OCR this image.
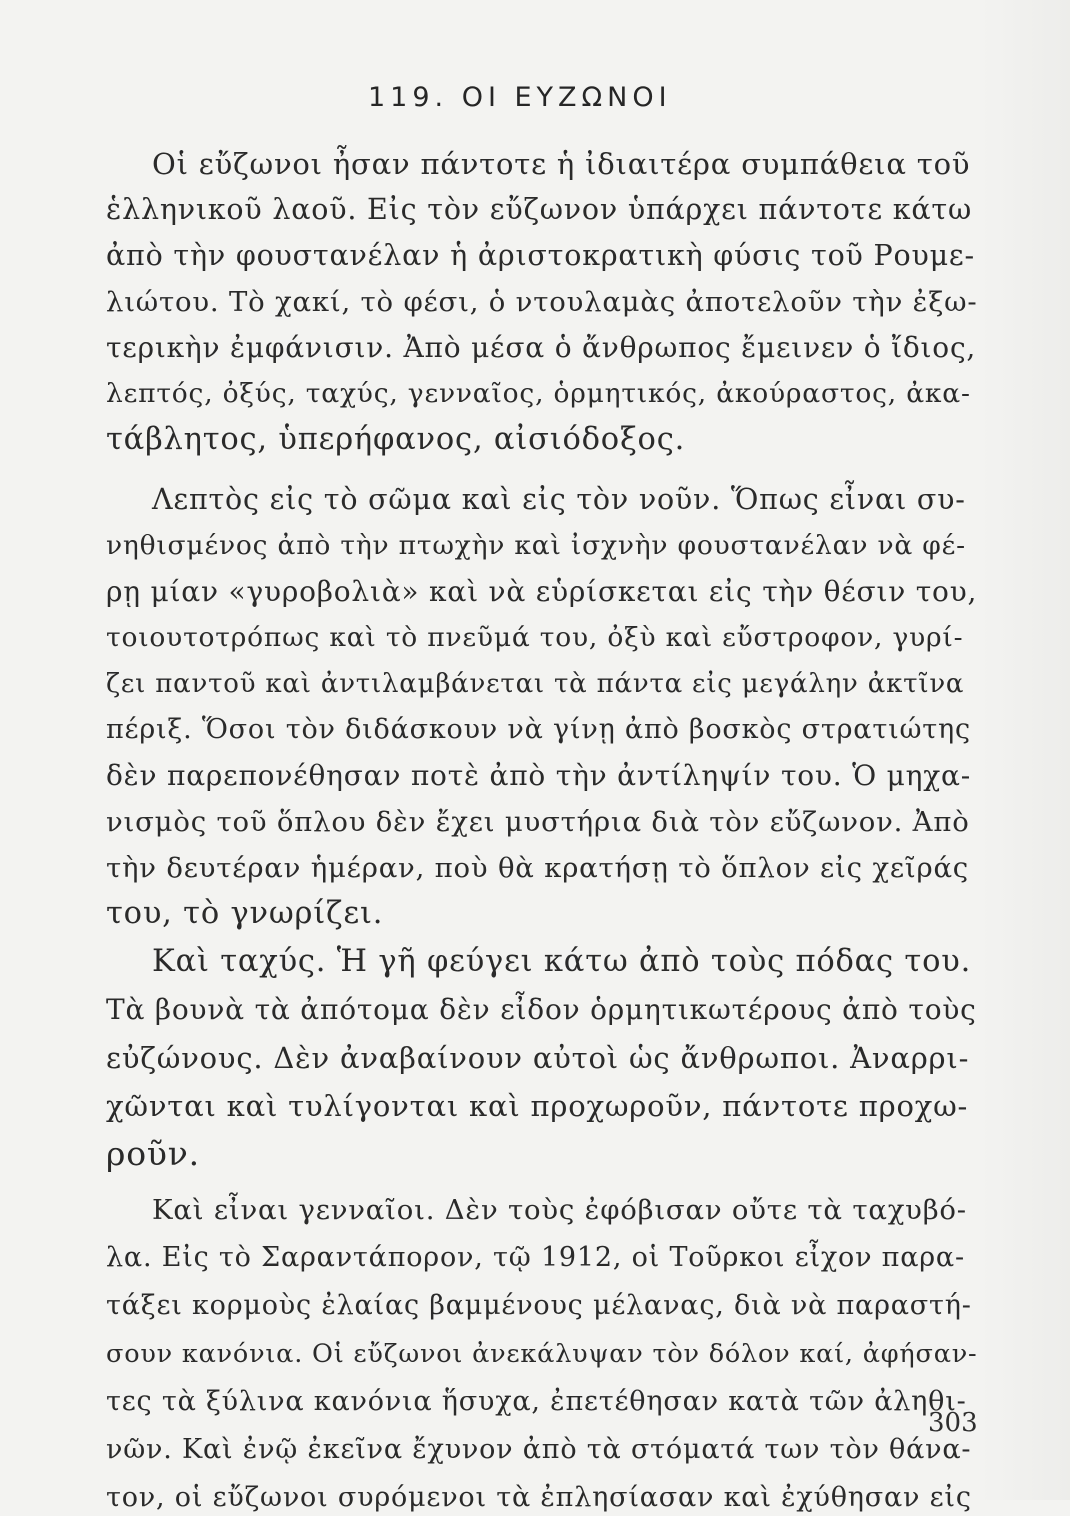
119. ΟΙ ΕΥΖΩΝΟΙ
Οἱ εὔζωνοι ἦσαν πάντοτε ἡ ἰδιαιτέρα συμπάθεια τοῦ
ἑλληνικοῦ λαοῦ. Εἰς τὸν εὔζωνον ὑπάρχει πάντοτε κάτω
ἀπὸ τὴν φουστανέλαν ἡ ἀριστοκρατικὴ φύσις τοῦ Ρουμε-
λιώτου. Τὸ χακί, τὸ φέσι, ὁ ντουλαμὰς ἀποτελοῦν τὴν ἐξω-
τερικὴν ἐμφάνισιν. Ἀπὸ μέσα ὁ ἄνθρωπος ἔμεινεν ὁ ἴδιος,
λεπτός, ὀξύς, ταχύς, γενναῖος, ὁρμητικός, ἀκούραστος, ἀκα-
τάβλητος, ὑπερήφανος, αἰσιόδοξος.
Λεπτὸς εἰς τὸ σῶμα καὶ εἰς τὸν νοῦν. Ὅπως εἶναι συ-
νηθισμένος ἀπὸ τὴν πτωχὴν καὶ ἰσχνὴν φουστανέλαν νὰ φέ-
ρῃ μίαν «γυροβολιὰ» καὶ νὰ εὑρίσκεται εἰς τὴν θέσιν του,
τοιουτοτρόπως καὶ τὸ πνεῦμά του, ὀξὺ καὶ εὔστροφον, γυρί-
ζει παντοῦ καὶ ἀντιλαμβάνεται τὰ πάντα εἰς μεγάλην ἀκτῖνα
πέριξ. Ὅσοι τὸν διδάσκουν νὰ γίνῃ ἀπὸ βοσκὸς στρατιώτης
δὲν παρεπονέθησαν ποτὲ ἀπὸ τὴν ἀντίληψίν του. Ὁ μηχα-
νισμὸς τοῦ ὅπλου δὲν ἔχει μυστήρια διὰ τὸν εὔζωνον. Ἀπὸ
τὴν δευτέραν ἡμέραν, ποὺ θὰ κρατήσῃ τὸ ὅπλον εἰς χεῖράς
του, τὸ γνωρίζει.
Καὶ ταχύς. Ἡ γῆ φεύγει κάτω ἀπὸ τοὺς πόδας του.
Τὰ βουνὰ τὰ ἀπότομα δὲν εἶδον ὁρμητικωτέρους ἀπὸ τοὺς
εὐζώνους. Δὲν ἀναβαίνουν αὐτοὶ ὡς ἄνθρωποι. Ἀναρρι-
χῶνται καὶ τυλίγονται καὶ προχωροῦν, πάντοτε προχω-
ροῦν.
Καὶ εἶναι γενναῖοι. Δὲν τοὺς ἐφόβισαν οὔτε τὰ ταχυβό-
λα. Εἰς τὸ Σαραντάπορον, τῷ 1912, οἱ Τοῦρκοι εἶχον παρα-
τάξει κορμοὺς ἐλαίας βαμμένους μέλανας, διὰ νὰ παραστή-
σουν κανόνια. Οἱ εὔζωνοι ἀνεκάλυψαν τὸν δόλον καί, ἀφήσαν-
τες τὰ ξύλινα κανόνια ἥσυχα, ἐπετέθησαν κατὰ τῶν ἀληθι-
νῶν. Καὶ ἐνῷ ἐκεῖνα ἔχυνον ἀπὸ τὰ στόματά των τὸν θάνα-
τον, οἱ εὔζωνοι συρόμενοι τὰ ἐπλησίασαν καὶ ἐχύθησαν εἰς
303
